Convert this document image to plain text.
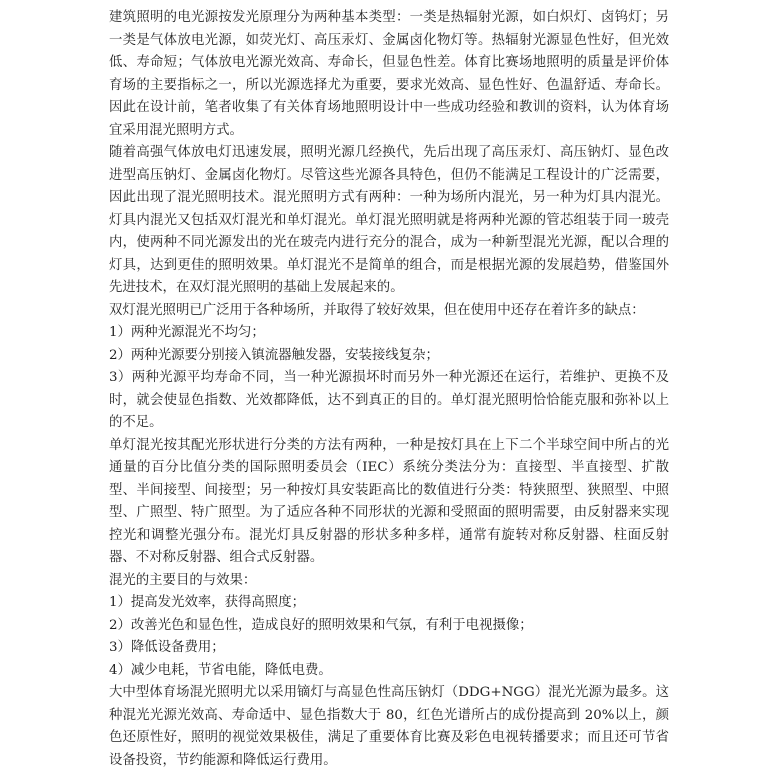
建筑照明的电光源按发光原理分为两种基本类型：一类是热辐射光源，如白炽灯、卤钨灯；另一类是气体放电光源，如荧光灯、高压汞灯、金属卤化物灯等。热辐射光源显色性好，但光效低、寿命短；气体放电光源光效高、寿命长，但显色性差。体育比赛场地照明的质量是评价体育场的主要指标之一，所以光源选择尤为重要，要求光效高、显色性好、色温舒适、寿命长。因此在设计前，笔者收集了有关体育场地照明设计中一些成功经验和教训的资料，认为体育场宜采用混光照明方式。

随着高强气体放电灯迅速发展，照明光源几经换代，先后出现了高压汞灯、高压钠灯、显色改进型高压钠灯、金属卤化物灯。尽管这些光源各具特色，但仍不能满足工程设计的广泛需要，因此出现了混光照明技术。混光照明方式有两种：一种为场所内混光，另一种为灯具内混光。灯具内混光又包括双灯混光和单灯混光。单灯混光照明就是将两种光源的管芯组装于同一玻壳内，使两种不同光源发出的光在玻壳内进行充分的混合，成为一种新型混光光源，配以合理的灯具，达到更佳的照明效果。单灯混光不是简单的组合，而是根据光源的发展趋势，借鉴国外先进技术，在双灯混光照明的基础上发展起来的。

双灯混光照明已广泛用于各种场所，并取得了较好效果，但在使用中还存在着许多的缺点：

1）两种光源混光不均匀；

2）两种光源要分别接入镇流器触发器，安装接线复杂；

3）两种光源平均寿命不同，当一种光源损坏时而另外一种光源还在运行，若维护、更换不及时，就会使显色指数、光效都降低，达不到真正的目的。单灯混光照明恰恰能克服和弥补以上的不足。

单灯混光按其配光形状进行分类的方法有两种，一种是按灯具在上下二个半球空间中所占的光通量的百分比值分类的国际照明委员会（IEC）系统分类法分为：直接型、半直接型、扩散型、半间接型、间接型；另一种按灯具安装距高比的数值进行分类：特狭照型、狭照型、中照型、广照型、特广照型。为了适应各种不同形状的光源和受照面的照明需要，由反射器来实现控光和调整光强分布。混光灯具反射器的形状多种多样，通常有旋转对称反射器、柱面反射器、不对称反射器、组合式反射器。

混光的主要目的与效果：

1）提高发光效率，获得高照度；

2）改善光色和显色性，造成良好的照明效果和气氛，有利于电视摄像；

3）降低设备费用；

4）减少电耗，节省电能，降低电费。

大中型体育场混光照明尤以采用镝灯与高显色性高压钠灯（DDG+NGG）混光光源为最多。这种混光光源光效高、寿命适中、显色指数大于 80，红色光谱所占的成份提高到 20%以上，颜色还原性好，照明的视觉效果极佳，满足了重要体育比赛及彩色电视转播要求；而且还可节省设备投资，节约能源和降低运行费用。
